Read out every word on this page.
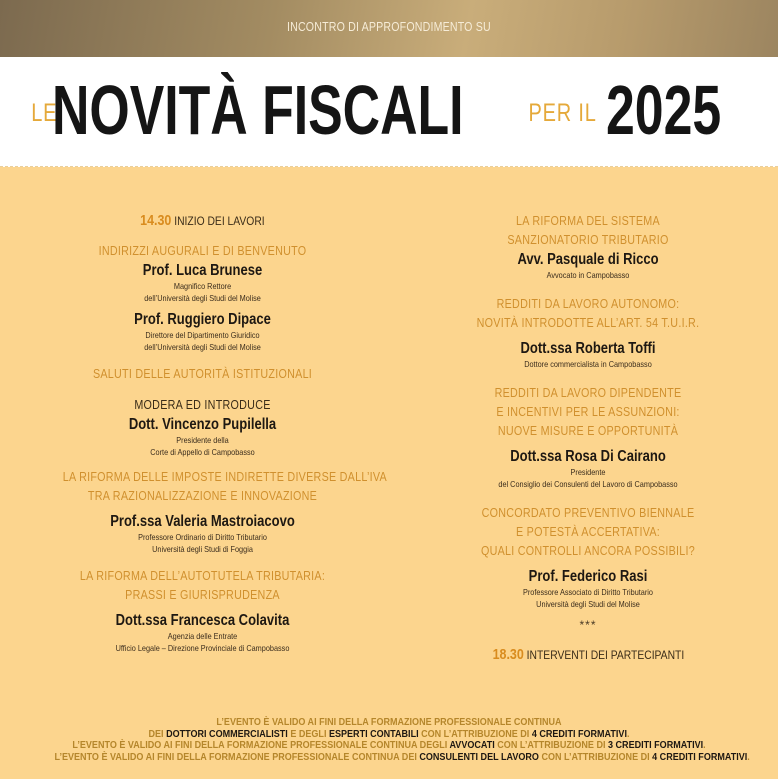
INCONTRO DI APPROFONDIMENTO SU
LE
NOVITÀ FISCALI	PER IL 2025
14.30 INIZIO DEI LAVORI
INDIRIZZI AUGURALI E DI BENVENUTO
Prof. Luca Brunese
Magnifico Rettore
dell’Università degli Studi del Molise
Prof. Ruggiero Dipace
Direttore del Dipartimento Giuridico
dell’Università degli Studi del Molise
SALUTI DELLE AUTORITÀ ISTITUZIONALI
MODERA ED INTRODUCE
Dott. Vincenzo Pupilella
Presidente della
Corte di Appello di Campobasso
LA RIFORMA DELLE IMPOSTE INDIRETTE DIVERSE DALL’IVA
TRA RAZIONALIZZAZIONE E INNOVAZIONE
Prof.ssa Valeria Mastroiacovo
Professore Ordinario di Diritto Tributario
Università degli Studi di Foggia
LA RIFORMA DELL’AUTOTUTELA TRIBUTARIA:
PRASSI E GIURISPRUDENZA
Dott.ssa Francesca Colavita
Agenzia delle Entrate
Ufficio Legale – Direzione Provinciale di Campobasso
LA RIFORMA DEL SISTEMA
SANZIONATORIO TRIBUTARIO
Avv. Pasquale di Ricco
Avvocato in Campobasso
REDDITI DA LAVORO AUTONOMO:
NOVITÀ INTRODOTTE ALL’ART. 54 T.U.I.R.
Dott.ssa Roberta Toffi
Dottore commercialista in Campobasso
REDDITI DA LAVORO DIPENDENTE
E INCENTIVI PER LE ASSUNZIONI:
NUOVE MISURE E OPPORTUNITÀ
Dott.ssa Rosa Di Cairano
Presidente
del Consiglio dei Consulenti del Lavoro di Campobasso
CONCORDATO PREVENTIVO BIENNALE
E POTESTÀ ACCERTATIVA:
QUALI CONTROLLI ANCORA POSSIBILI?
Prof. Federico Rasi
Professore Associato di Diritto Tributario
Università degli Studi del Molise
***
18.30 INTERVENTI DEI PARTECIPANTI
L’EVENTO È VALIDO AI FINI DELLA FORMAZIONE PROFESSIONALE CONTINUA
DEI DOTTORI COMMERCIALISTI E DEGLI ESPERTI CONTABILI CON L’ATTRIBUZIONE DI 4 CREDITI FORMATIVI.
L’EVENTO È VALIDO AI FINI DELLA FORMAZIONE PROFESSIONALE CONTINUA DEGLI AVVOCATI CON L’ATTRIBUZIONE DI 3 CREDITI FORMATIVI.
L’EVENTO È VALIDO AI FINI DELLA FORMAZIONE PROFESSIONALE CONTINUA DEI CONSULENTI DEL LAVORO CON L’ATTRIBUZIONE DI 4 CREDITI FORMATIVI.
